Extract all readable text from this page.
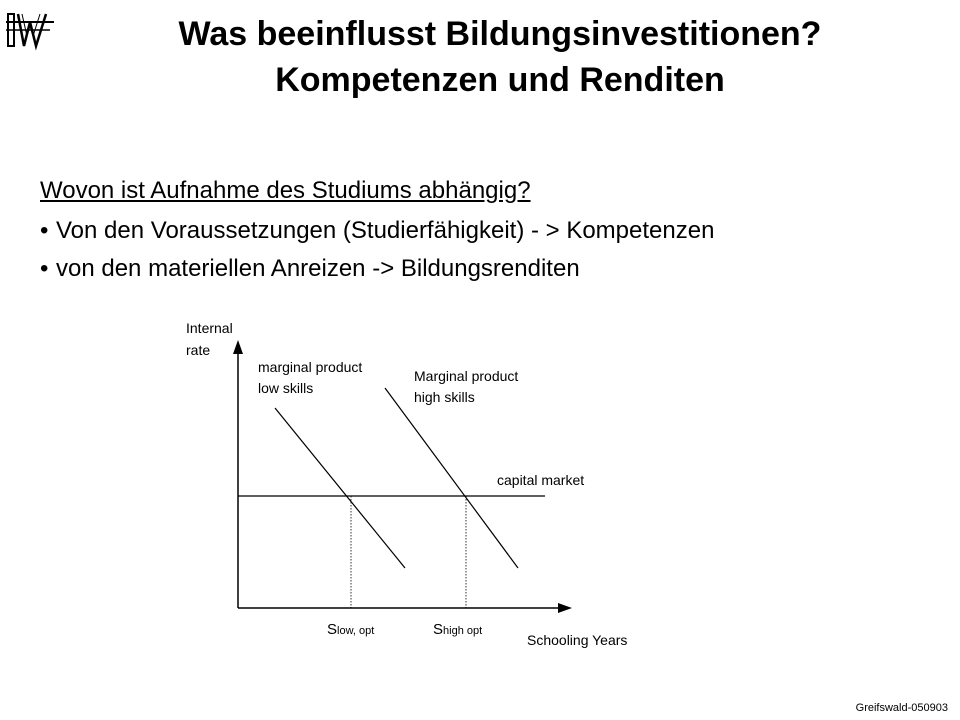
Was beeinflusst Bildungsinvestitionen?
Kompetenzen und Renditen
Wovon ist Aufnahme des Studiums abhängig?
• Von den Voraussetzungen (Studierfähigkeit) - > Kompetenzen
• von den materiellen Anreizen -> Bildungsrenditen
Internal
rate
marginal product
low skills
Marginal product
high skills
capital market
Slow, opt	Shigh opt
Schooling Years
Greifswald-050903
